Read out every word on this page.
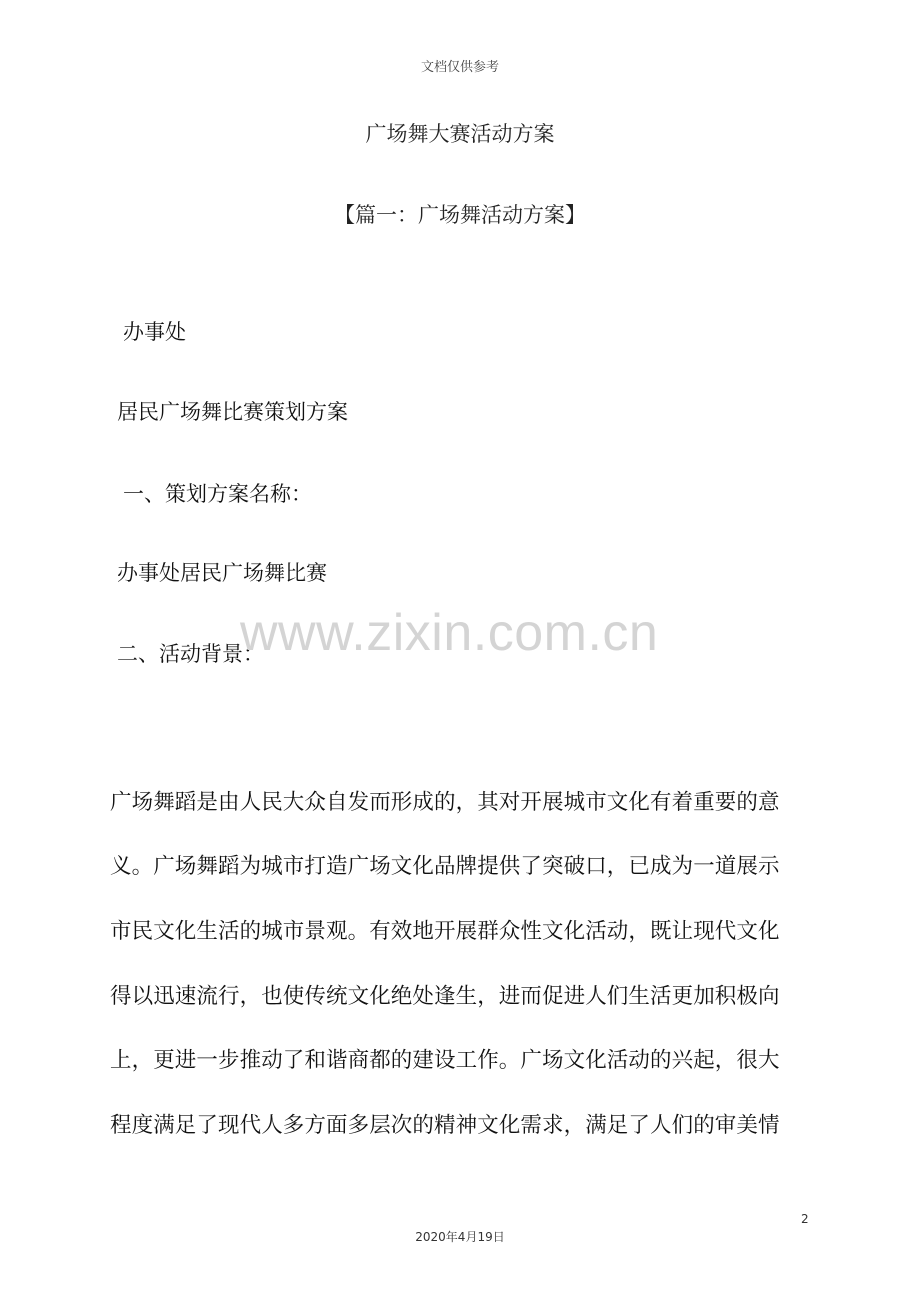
文档仅供参考
广场舞大赛活动方案
【篇一：广场舞活动方案】
办事处
居民广场舞比赛策划方案
一、策划方案名称：
办事处居民广场舞比赛
二、活动背景：
www.zixin.com.cn
广场舞蹈是由人民大众自发而形成的，其对开展城市文化有着重要的意
义。广场舞蹈为城市打造广场文化品牌提供了突破口，已成为一道展示
市民文化生活的城市景观。有效地开展群众性文化活动，既让现代文化
得以迅速流行，也使传统文化绝处逢生，进而促进人们生活更加积极向
上，更进一步推动了和谐商都的建设工作。广场文化活动的兴起，很大
程度满足了现代人多方面多层次的精神文化需求，满足了人们的审美情
2
2020年4月19日
